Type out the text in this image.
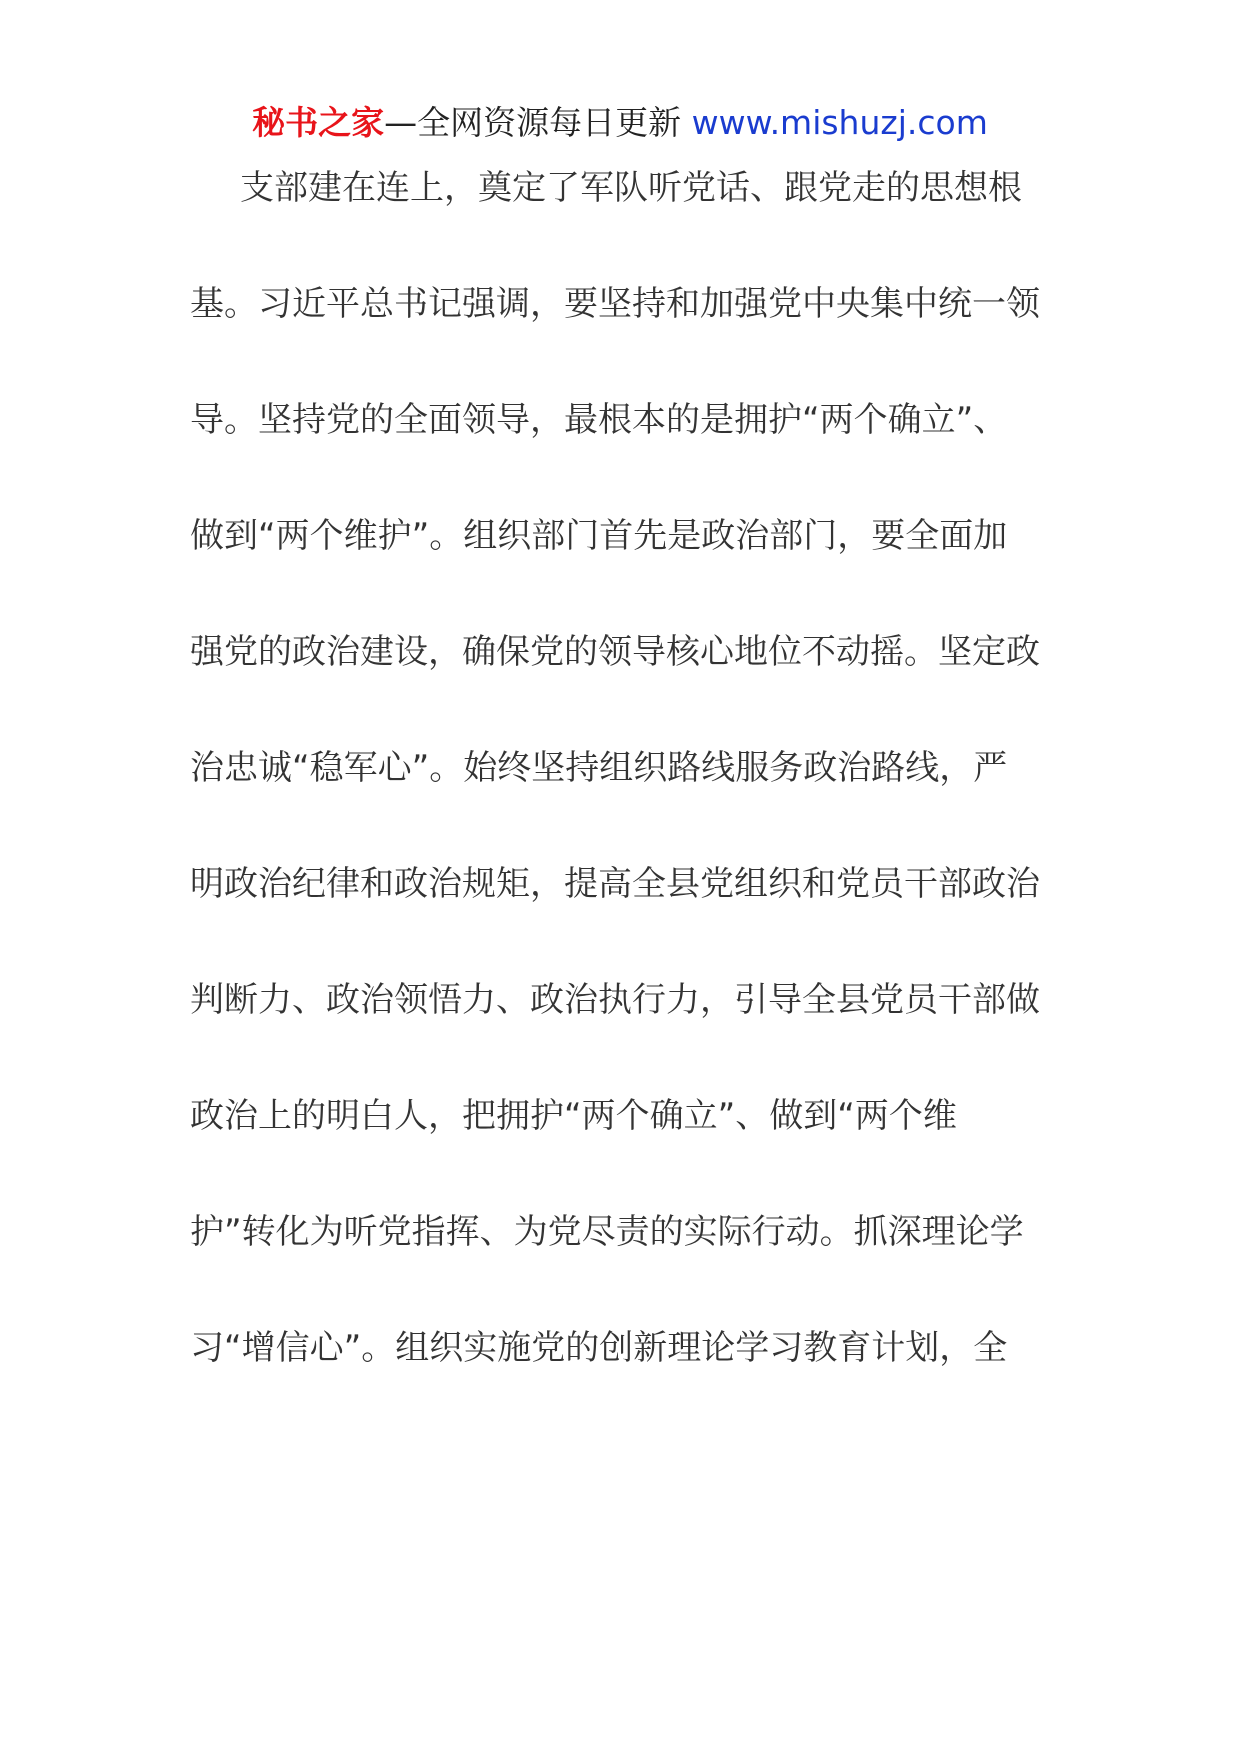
秘书之家—全网资源每日更新 www.mishuzj.com
支部建在连上，奠定了军队听党话、跟党走的思想根
基。习近平总书记强调，要坚持和加强党中央集中统一领
导。坚持党的全面领导，最根本的是拥护“两个确立”、
做到“两个维护”。组织部门首先是政治部门，要全面加
强党的政治建设，确保党的领导核心地位不动摇。坚定政
治忠诚“稳军心”。始终坚持组织路线服务政治路线，严
明政治纪律和政治规矩，提高全县党组织和党员干部政治
判断力、政治领悟力、政治执行力，引导全县党员干部做
政治上的明白人，把拥护“两个确立”、做到“两个维
护”转化为听党指挥、为党尽责的实际行动。抓深理论学
习“增信心”。组织实施党的创新理论学习教育计划，全
